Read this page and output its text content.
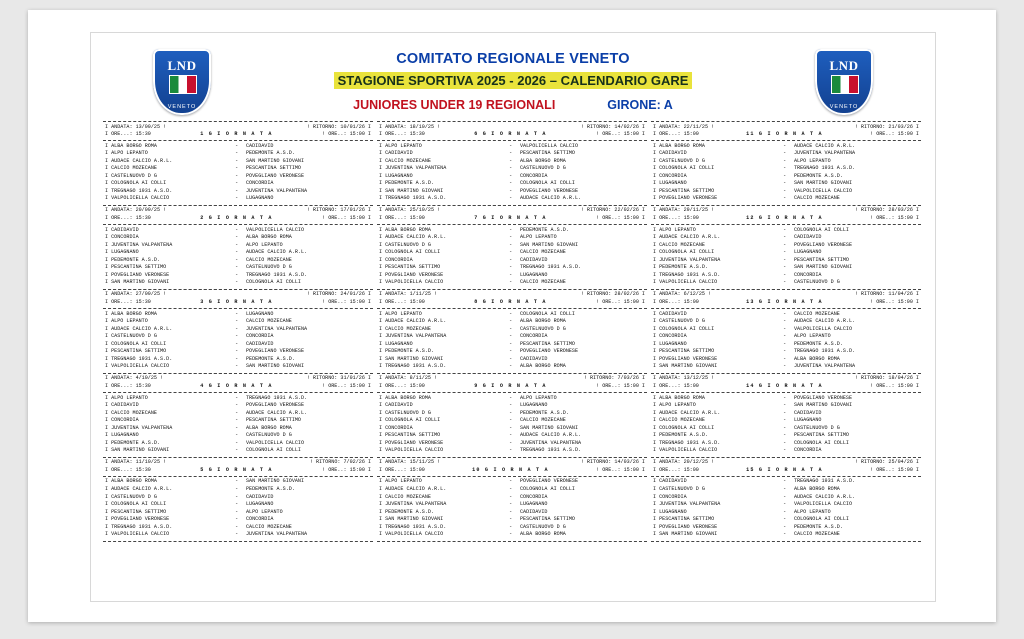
LND
VENETO
LND
VENETO
COMITATO REGIONALE VENETO
STAGIONE SPORTIVA 2025 - 2026 – CALENDARIO GARE
JUNIORES UNDER 19 REGIONALI	GIRONE: A
I ANDATA: 13/09/25 !	! RITORNO: 10/01/26 I
I ORE...: 15:30	1 G I O R N A T A	! ORE..: 15:00 I
I ALBA BORGO ROMA	-	CADIDAVID
I ALPO LEPANTO	-	PEDEMONTE A.S.D.
I AUDACE CALCIO A.R.L.	-	SAN MARTINO GIOVANI
I CALCIO MOZECANE	-	PESCANTINA SETTIMO
I CASTELNUOVO D G	-	POVEGLIANO VERONESE
I COLOGNOLA AI COLLI	-	CONCORDIA
I TREGNAGO 1931 A.S.D.	-	JUVENTINA VALPANTENA
I VALPOLICELLA CALCIO	-	LUGAGNANO
I ANDATA: 20/09/25 !	! RITORNO: 17/01/26 I
I ORE...: 15:30	2 G I O R N A T A	! ORE..: 15:00 I
I CADIDAVID	-	VALPOLICELLA CALCIO
I CONCORDIA	-	ALBA BORGO ROMA
I JUVENTINA VALPANTENA	-	ALPO LEPANTO
I LUGAGNANO	-	AUDACE CALCIO A.R.L.
I PEDEMONTE A.S.D.	-	CALCIO MOZECANE
I PESCANTINA SETTIMO	-	CASTELNUOVO D G
I POVEGLIANO VERONESE	-	TREGNAGO 1931 A.S.D.
I SAN MARTINO GIOVANI	-	COLOGNOLA AI COLLI
I ANDATA: 27/09/25 !	! RITORNO: 24/01/26 I
I ORE...: 15:30	3 G I O R N A T A	! ORE..: 15:00 I
I ALBA BORGO ROMA	-	LUGAGNANO
I ALPO LEPANTO	-	CALCIO MOZECANE
I AUDACE CALCIO A.R.L.	-	JUVENTINA VALPANTENA
I CASTELNUOVO D G	-	CONCORDIA
I COLOGNOLA AI COLLI	-	CADIDAVID
I PESCANTINA SETTIMO	-	POVEGLIANO VERONESE
I TREGNAGO 1931 A.S.D.	-	PEDEMONTE A.S.D.
I VALPOLICELLA CALCIO	-	SAN MARTINO GIOVANI
I ANDATA: 4/10/25 !	! RITORNO: 31/01/26 I
I ORE...: 15:30	4 G I O R N A T A	! ORE..: 15:00 I
I ALPO LEPANTO	-	TREGNAGO 1931 A.S.D.
I CADIDAVID	-	POVEGLIANO VERONESE
I CALCIO MOZECANE	-	AUDACE CALCIO A.R.L.
I CONCORDIA	-	PESCANTINA SETTIMO
I JUVENTINA VALPANTENA	-	ALBA BORGO ROMA
I LUGAGNANO	-	CASTELNUOVO D G
I PEDEMONTE A.S.D.	-	VALPOLICELLA CALCIO
I SAN MARTINO GIOVANI	-	COLOGNOLA AI COLLI
I ANDATA: 11/10/25 !	! RITORNO: 7/02/26 I
I ORE...: 15:30	5 G I O R N A T A	! ORE..: 15:00 I
I ALBA BORGO ROMA	-	SAN MARTINO GIOVANI
I AUDACE CALCIO A.R.L.	-	PEDEMONTE A.S.D.
I CASTELNUOVO D G	-	CADIDAVID
I COLOGNOLA AI COLLI	-	LUGAGNANO
I PESCANTINA SETTIMO	-	ALPO LEPANTO
I POVEGLIANO VERONESE	-	CONCORDIA
I TREGNAGO 1931 A.S.D.	-	CALCIO MOZECANE
I VALPOLICELLA CALCIO	-	JUVENTINA VALPANTENA
I ANDATA: 18/10/25 !	! RITORNO: 14/02/26 I
I ORE...: 15:30	6 G I O R N A T A	! ORE..: 15:00 I
I ALPO LEPANTO	-	VALPOLICELLA CALCIO
I CADIDAVID	-	PESCANTINA SETTIMO
I CALCIO MOZECANE	-	ALBA BORGO ROMA
I JUVENTINA VALPANTENA	-	CASTELNUOVO D G
I LUGAGNANO	-	CONCORDIA
I PEDEMONTE A.S.D.	-	COLOGNOLA AI COLLI
I SAN MARTINO GIOVANI	-	POVEGLIANO VERONESE
I TREGNAGO 1931 A.S.D.	-	AUDACE CALCIO A.R.L.
I ANDATA: 25/10/25 !	! RITORNO: 22/02/26 I
I ORE...: 15:00	7 G I O R N A T A	! ORE..: 15:00 I
I ALBA BORGO ROMA	-	PEDEMONTE A.S.D.
I AUDACE CALCIO A.R.L.	-	ALPO LEPANTO
I CASTELNUOVO D G	-	SAN MARTINO GIOVANI
I COLOGNOLA AI COLLI	-	CALCIO MOZECANE
I CONCORDIA	-	CADIDAVID
I PESCANTINA SETTIMO	-	TREGNAGO 1931 A.S.D.
I POVEGLIANO VERONESE	-	LUGAGNANO
I VALPOLICELLA CALCIO	-	CALCIO MOZECANE
I ANDATA: 1/11/25 !	! RITORNO: 28/02/26 I
I ORE...: 15:00	8 G I O R N A T A	! ORE..: 15:00 I
I ALPO LEPANTO	-	COLOGNOLA AI COLLI
I AUDACE CALCIO A.R.L.	-	ALBA BORGO ROMA
I CALCIO MOZECANE	-	CASTELNUOVO D G
I JUVENTINA VALPANTENA	-	CONCORDIA
I LUGAGNANO	-	PESCANTINA SETTIMO
I PEDEMONTE A.S.D.	-	POVEGLIANO VERONESE
I SAN MARTINO GIOVANI	-	CADIDAVID
I TREGNAGO 1931 A.S.D.	-	ALBA BORGO ROMA
I ANDATA: 8/11/25 !	! RITORNO: 7/03/26 I
I ORE...: 15:00	9 G I O R N A T A	! ORE..: 15:00 I
I ALBA BORGO ROMA	-	ALPO LEPANTO
I CADIDAVID	-	LUGAGNANO
I CASTELNUOVO D G	-	PEDEMONTE A.S.D.
I COLOGNOLA AI COLLI	-	CALCIO MOZECANE
I CONCORDIA	-	SAN MARTINO GIOVANI
I PESCANTINA SETTIMO	-	AUDACE CALCIO A.R.L.
I POVEGLIANO VERONESE	-	JUVENTINA VALPANTENA
I VALPOLICELLA CALCIO	-	TREGNAGO 1931 A.S.D.
I ANDATA: 15/11/25 !	! RITORNO: 14/03/26 I
I ORE...: 15:00	10 G I O R N A T A	! ORE..: 15:00 I
I ALPO LEPANTO	-	POVEGLIANO VERONESE
I AUDACE CALCIO A.R.L.	-	COLOGNOLA AI COLLI
I CALCIO MOZECANE	-	CONCORDIA
I JUVENTINA VALPANTENA	-	LUGAGNANO
I PEDEMONTE A.S.D.	-	CADIDAVID
I SAN MARTINO GIOVANI	-	PESCANTINA SETTIMO
I TREGNAGO 1931 A.S.D.	-	CASTELNUOVO D G
I VALPOLICELLA CALCIO	-	ALBA BORGO ROMA
I ANDATA: 22/11/25 !	! RITORNO: 21/03/26 I
I ORE...: 15:00	11 G I O R N A T A	! ORE..: 15:00 I
I ALBA BORGO ROMA	-	AUDACE CALCIO A.R.L.
I CADIDAVID	-	JUVENTINA VALPANTENA
I CASTELNUOVO D G	-	ALPO LEPANTO
I COLOGNOLA AI COLLI	-	TREGNAGO 1931 A.S.D.
I CONCORDIA	-	PEDEMONTE A.S.D.
I LUGAGNANO	-	SAN MARTINO GIOVANI
I PESCANTINA SETTIMO	-	VALPOLICELLA CALCIO
I POVEGLIANO VERONESE	-	CALCIO MOZECANE
I ANDATA: 29/11/25 !	! RITORNO: 28/03/26 I
I ORE...: 15:00	12 G I O R N A T A	! ORE..: 15:00 I
I ALPO LEPANTO	-	COLOGNOLA AI COLLI
I AUDACE CALCIO A.R.L.	-	CADIDAVID
I CALCIO MOZECANE	-	POVEGLIANO VERONESE
I COLOGNOLA AI COLLI	-	LUGAGNANO
I JUVENTINA VALPANTENA	-	PESCANTINA SETTIMO
I PEDEMONTE A.S.D.	-	SAN MARTINO GIOVANI
I TREGNAGO 1931 A.S.D.	-	CONCORDIA
I VALPOLICELLA CALCIO	-	CASTELNUOVO D G
I ANDATA: 6/12/25 !	! RITORNO: 11/04/26 I
I ORE...: 15:00	13 G I O R N A T A	! ORE..: 15:00 I
I CADIDAVID	-	CALCIO MOZECANE
I CASTELNUOVO D G	-	AUDACE CALCIO A.R.L.
I COLOGNOLA AI COLLI	-	VALPOLICELLA CALCIO
I CONCORDIA	-	ALPO LEPANTO
I LUGAGNANO	-	PEDEMONTE A.S.D.
I PESCANTINA SETTIMO	-	TREGNAGO 1931 A.S.D.
I POVEGLIANO VERONESE	-	ALBA BORGO ROMA
I SAN MARTINO GIOVANI	-	JUVENTINA VALPANTENA
I ANDATA: 13/12/25 !	! RITORNO: 18/04/26 I
I ORE...: 15:00	14 G I O R N A T A	! ORE..: 15:00 I
I ALBA BORGO ROMA	-	POVEGLIANO VERONESE
I ALPO LEPANTO	-	SAN MARTINO GIOVANI
I AUDACE CALCIO A.R.L.	-	CADIDAVID
I CALCIO MOZECANE	-	LUGAGNANO
I COLOGNOLA AI COLLI	-	CASTELNUOVO D G
I PEDEMONTE A.S.D.	-	PESCANTINA SETTIMO
I TREGNAGO 1931 A.S.D.	-	COLOGNOLA AI COLLI
I VALPOLICELLA CALCIO	-	CONCORDIA
I ANDATA: 20/12/25 !	! RITORNO: 25/04/26 I
I ORE...: 15:00	15 G I O R N A T A	! ORE..: 15:00 I
I CADIDAVID	-	TREGNAGO 1931 A.S.D.
I CASTELNUOVO D G	-	ALBA BORGO ROMA
I CONCORDIA	-	AUDACE CALCIO A.R.L.
I JUVENTINA VALPANTENA	-	VALPOLICELLA CALCIO
I LUGAGNANO	-	ALPO LEPANTO
I PESCANTINA SETTIMO	-	COLOGNOLA AI COLLI
I POVEGLIANO VERONESE	-	PEDEMONTE A.S.D.
I SAN MARTINO GIOVANI	-	CALCIO MOZECANE
